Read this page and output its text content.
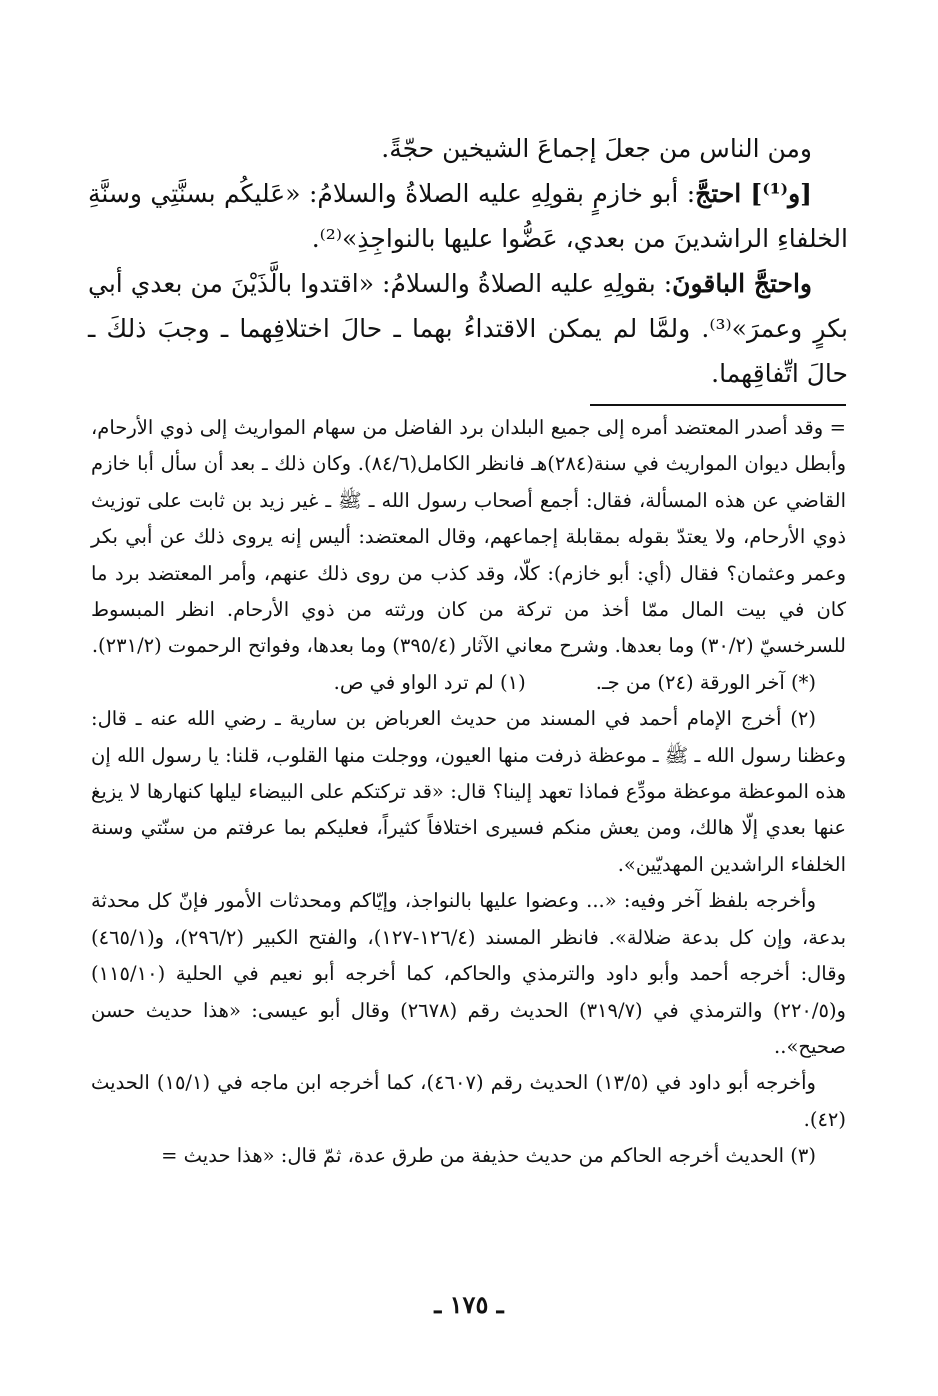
ومن الناس من جعلَ إجماعَ الشيخين حجّةً.

[و⁽¹⁾] احتجَّ: أبو خازمٍ بقولِهِ عليه الصلاةُ والسلامُ: «عَليكُم بسنَّتِي وسنَّةِ الخلفاءِ الراشدينَ من بعدي، عَضُّوا عليها بالنواجِذِ»⁽²⁾.

واحتجَّ الباقونَ: بقولِهِ عليه الصلاةُ والسلامُ: «اقتدوا بالَّذَيْنَ من بعدي أبي بكرٍ وعمرَ»⁽³⁾. ولمَّا لم يمكن الاقتداءُ بهما ـ حالَ اختلافِهما ـ وجبَ ذلكَ ـ حالَ اتِّفاقِهما.

= وقد أصدر المعتضد أمره إلى جميع البلدان برد الفاضل من سهام المواريث إلى ذوي الأرحام، وأبطل ديوان المواريث في سنة(٢٨٤)هـ فانظر الكامل(٨٤/٦). وكان ذلك ـ بعد أن سأل أبا خازم القاضي عن هذه المسألة، فقال: أجمع أصحاب رسول الله ـ ﷺ ـ غير زيد بن ثابت على توزيث ذوي الأرحام، ولا يعتدّ بقوله بمقابلة إجماعهم، وقال المعتضد: أليس إنه يروى ذلك عن أبي بكر وعمر وعثمان؟ فقال (أي: أبو خازم): كلّا، وقد كذب من روى ذلك عنهم، وأمر المعتضد برد ما كان في بيت المال ممّا أخذ من تركة من كان ورثته من ذوي الأرحام. انظر المبسوط للسرخسيّ (٣٠/٢) وما بعدها. وشرح معاني الآثار (٣٩٥/٤) وما بعدها، وفواتح الرحموت (٢٣١/٢).

(*) آخر الورقة (٢٤) من جـ.
(١) لم ترد الواو في ص.

(٢) أخرج الإمام أحمد في المسند من حديث العرباض بن سارية ـ رضي الله عنه ـ قال: وعظنا رسول الله ـ ﷺ ـ موعظة ذرفت منها العيون، ووجلت منها القلوب، قلنا: يا رسول الله إن هذه الموعظة موعظة مودِّع فماذا تعهد إلينا؟ قال: «قد تركتكم على البيضاء ليلها كنهارها لا يزيغ عنها بعدي إلّا هالك، ومن يعش منكم فسيرى اختلافاً كثيراً، فعليكم بما عرفتم من سنّتي وسنة الخلفاء الراشدين المهديّين».

وأخرجه بلفظ آخر وفيه: «... وعضوا عليها بالنواجذ، وإيّاكم ومحدثات الأمور فإنّ كل محدثة بدعة، وإن كل بدعة ضلالة». فانظر المسند (١٢٦/٤-١٢٧)، والفتح الكبير (٢٩٦/٢)، و(٤٦٥/١) وقال: أخرجه أحمد وأبو داود والترمذي والحاكم، كما أخرجه أبو نعيم في الحلية (١١٥/١٠) و(٢٢٠/٥) والترمذي في (٣١٩/٧) الحديث رقم (٢٦٧٨) وقال أبو عيسى: «هذا حديث حسن صحيح»..

وأخرجه أبو داود في (١٣/٥) الحديث رقم (٤٦٠٧)، كما أخرجه ابن ماجه في (١٥/١) الحديث (٤٢).

(٣) الحديث أخرجه الحاكم من حديث حذيفة من طرق عدة، ثمّ قال: «هذا حديث =

ـ ١٧٥ ـ
